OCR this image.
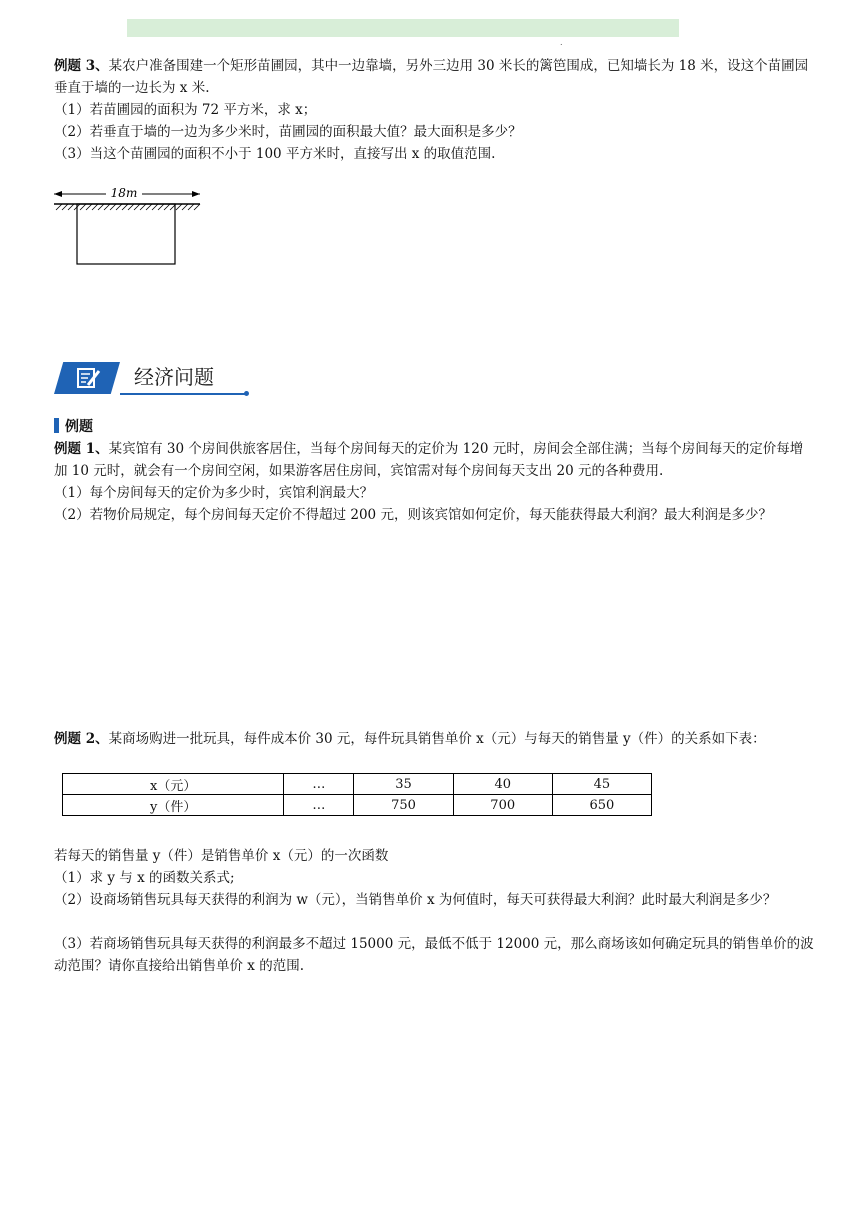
.
例题 3、某农户准备围建一个矩形苗圃园，其中一边靠墙，另外三边用 30 米长的篱笆围成，已知墙长为 18 米，设这个苗圃园垂直于墙的一边长为 x 米.
（1）若苗圃园的面积为 72 平方米，求 x；
（2）若垂直于墙的一边为多少米时，苗圃园的面积最大值？最大面积是多少？
（3）当这个苗圃园的面积不小于 100 平方米时，直接写出 x 的取值范围.
18m
经济问题
例题
例题 1、某宾馆有 30 个房间供旅客居住，当每个房间每天的定价为 120 元时，房间会全部住满；当每个房间每天的定价每增加 10 元时，就会有一个房间空闲，如果游客居住房间，宾馆需对每个房间每天支出 20 元的各种费用.
（1）每个房间每天的定价为多少时，宾馆利润最大？
（2）若物价局规定，每个房间每天定价不得超过 200 元，则该宾馆如何定价，每天能获得最大利润？最大利润是多少？
例题 2、某商场购进一批玩具，每件成本价 30 元，每件玩具销售单价 x（元）与每天的销售量 y（件）的关系如下表：
x（元）	…	35	40	45
y（件）	…	750	700	650
若每天的销售量 y（件）是销售单价 x（元）的一次函数
（1）求 y 与 x 的函数关系式;
（2）设商场销售玩具每天获得的利润为 w（元），当销售单价 x 为何值时，每天可获得最大利润？此时最大利润是多少？
（3）若商场销售玩具每天获得的利润最多不超过 15000 元，最低不低于 12000 元，那么商场该如何确定玩具的销售单价的波动范围？请你直接给出销售单价 x 的范围.
